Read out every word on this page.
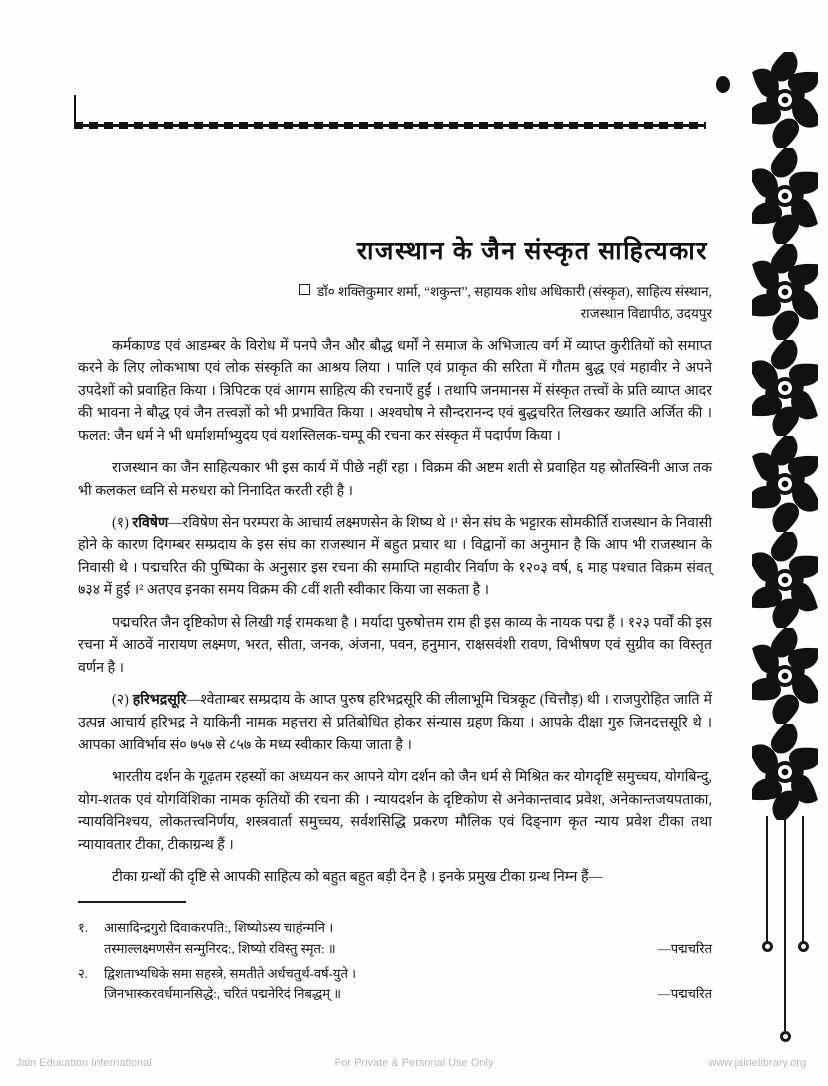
राजस्थान के जैन संस्कृत साहित्यकार
डॉ० शक्तिकुमार शर्मा, “शकुन्त”, सहायक शोध अधिकारी (संस्कृत), साहित्य संस्थान,
राजस्थान विद्यापीठ, उदयपुर

कर्मकाण्ड एवं आडम्बर के विरोध में पनपे जैन और बौद्ध धर्मों ने समाज के अभिजात्य वर्ग में व्याप्त कुरीतियों को समाप्त करने के लिए लोकभाषा एवं लोक संस्कृति का आश्रय लिया । पालि एवं प्राकृत की सरिता में गौतम बुद्ध एवं महावीर ने अपने उपदेशों को प्रवाहित किया । त्रिपिटक एवं आगम साहित्य की रचनाएँ हुईं । तथापि जनमानस में संस्कृत तत्त्वों के प्रति व्याप्त आदर की भावना ने बौद्ध एवं जैन तत्त्वज्ञों को भी प्रभावित किया । अश्वघोष ने सौन्दरानन्द एवं बुद्धचरित लिखकर ख्याति अर्जित की । फलत: जैन धर्म ने भी धर्माशर्माभ्युदय एवं यशस्तिलक-चम्पू की रचना कर संस्कृत में पदार्पण किया ।

राजस्थान का जैन साहित्यकार भी इस कार्य में पीछे नहीं रहा । विक्रम की अष्टम शती से प्रवाहित यह स्रोतस्विनी आज तक भी कलकल ध्वनि से मरुधरा को निनादित करती रही है ।

(१) रविषेण—रविषेण सेन परम्परा के आचार्य लक्ष्मणसेन के शिष्य थे ।¹ सेन संघ के भट्टारक सोमकीर्ति राजस्थान के निवासी होने के कारण दिगम्बर सम्प्रदाय के इस संघ का राजस्थान में बहुत प्रचार था । विद्वानों का अनुमान है कि आप भी राजस्थान के निवासी थे । पद्मचरित की पुष्पिका के अनुसार इस रचना की समाप्ति महावीर निर्वाण के १२०३ वर्ष, ६ माह पश्चात विक्रम संवत् ७३४ में हुई ।² अतएव इनका समय विक्रम की ८वीं शती स्वीकार किया जा सकता है ।

पद्मचरित जैन दृष्टिकोण से लिखी गई रामकथा है । मर्यादा पुरुषोत्तम राम ही इस काव्य के नायक पद्म हैं । १२३ पर्वों की इस रचना में आठवें नारायण लक्ष्मण, भरत, सीता, जनक, अंजना, पवन, हनुमान, राक्षसवंशी रावण, विभीषण एवं सुग्रीव का विस्तृत वर्णन है ।

(२) हरिभद्रसूरि—श्वेताम्बर सम्प्रदाय के आप्त पुरुष हरिभद्रसूरि की लीलाभूमि चित्रकूट (चित्तौड़) थी । राजपुरोहित जाति में उत्पन्न आचार्य हरिभद्र ने याकिनी नामक महत्तरा से प्रतिबोधित होकर संन्यास ग्रहण किया । आपके दीक्षा गुरु जिनदत्तसूरि थे । आपका आविर्भाव सं० ७५७ से ८५७ के मध्य स्वीकार किया जाता है ।

भारतीय दर्शन के गूढ़तम रहस्यों का अध्ययन कर आपने योग दर्शन को जैन धर्म से मिश्रित कर योगदृष्टि समुच्चय, योगबिन्दु, योग-शतक एवं योगविंशिका नामक कृतियों की रचना की । न्यायदर्शन के दृष्टिकोण से अनेकान्तवाद प्रवेश, अनेकान्तजयपताका, न्यायविनिश्चय, लोकतत्त्वनिर्णय, शस्त्रवार्ता समुच्चय, सर्वशसिद्धि प्रकरण मौलिक एवं दिङ्नाग कृत न्याय प्रवेश टीका तथा न्यायावतार टीका, टीकाग्रन्थ हैं ।

टीका ग्रन्थों की दृष्टि से आपकी साहित्य को बहुत बहुत बड़ी देन है । इनके प्रमुख टीका ग्रन्थ निम्न हैं—

१. आसादिन्द्रगुरो दिवाकरपति:, शिष्योऽस्य चाहंन्मनि ।
तस्माल्लक्ष्मणसेन सन्मुनिरद:, शिष्यो रविस्तु स्मृत: ॥	—पद्मचरित
२. द्विशताभ्यधिके समा सहस्त्रे, समतीते अर्धचतुर्थ-वर्ष-युते ।
जिनभास्करवर्धमानसिद्धे:, चरितं पद्मनेरिदं निबद्धम् ॥	—पद्मचरित
Jain Education International	For Private & Personal Use Only	www.jainelibrary.org
